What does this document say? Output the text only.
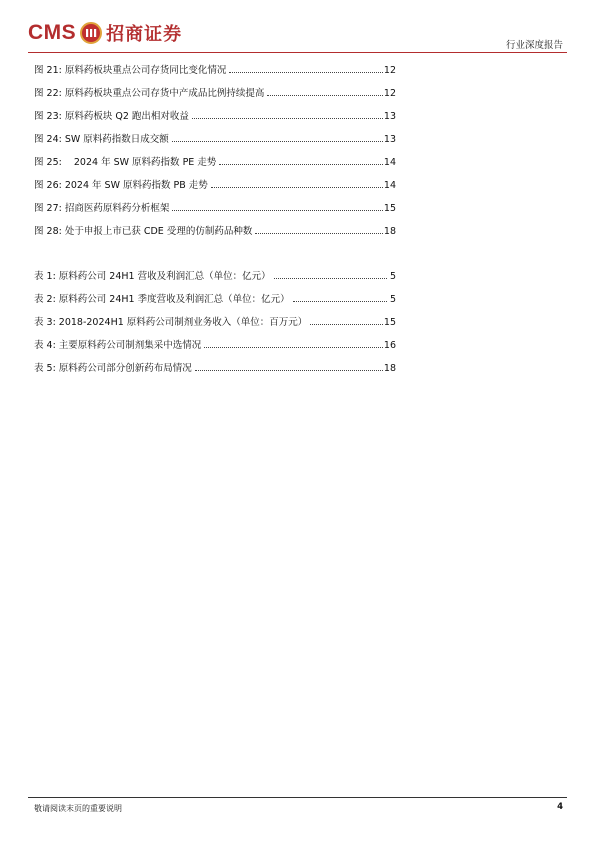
CMS 招商证券
行业深度报告
图 21: 原料药板块重点公司存货同比变化情况	12
图 22: 原料药板块重点公司存货中产成品比例持续提高	12
图 23: 原料药板块 Q2 跑出相对收益	13
图 24: SW 原料药指数日成交额	13
图 25:    2024 年 SW 原料药指数 PE 走势	14
图 26: 2024 年 SW 原料药指数 PB 走势	14
图 27: 招商医药原料药分析框架	15
图 28: 处于申报上市已获 CDE 受理的仿制药品种数	18
表 1: 原料药公司 24H1 营收及利润汇总（单位：亿元）	5
表 2: 原料药公司 24H1 季度营收及利润汇总（单位：亿元）	5
表 3: 2018-2024H1 原料药公司制剂业务收入（单位：百万元）	15
表 4: 主要原料药公司制剂集采中选情况	16
表 5: 原料药公司部分创新药布局情况	18
敬请阅读末页的重要说明	4
